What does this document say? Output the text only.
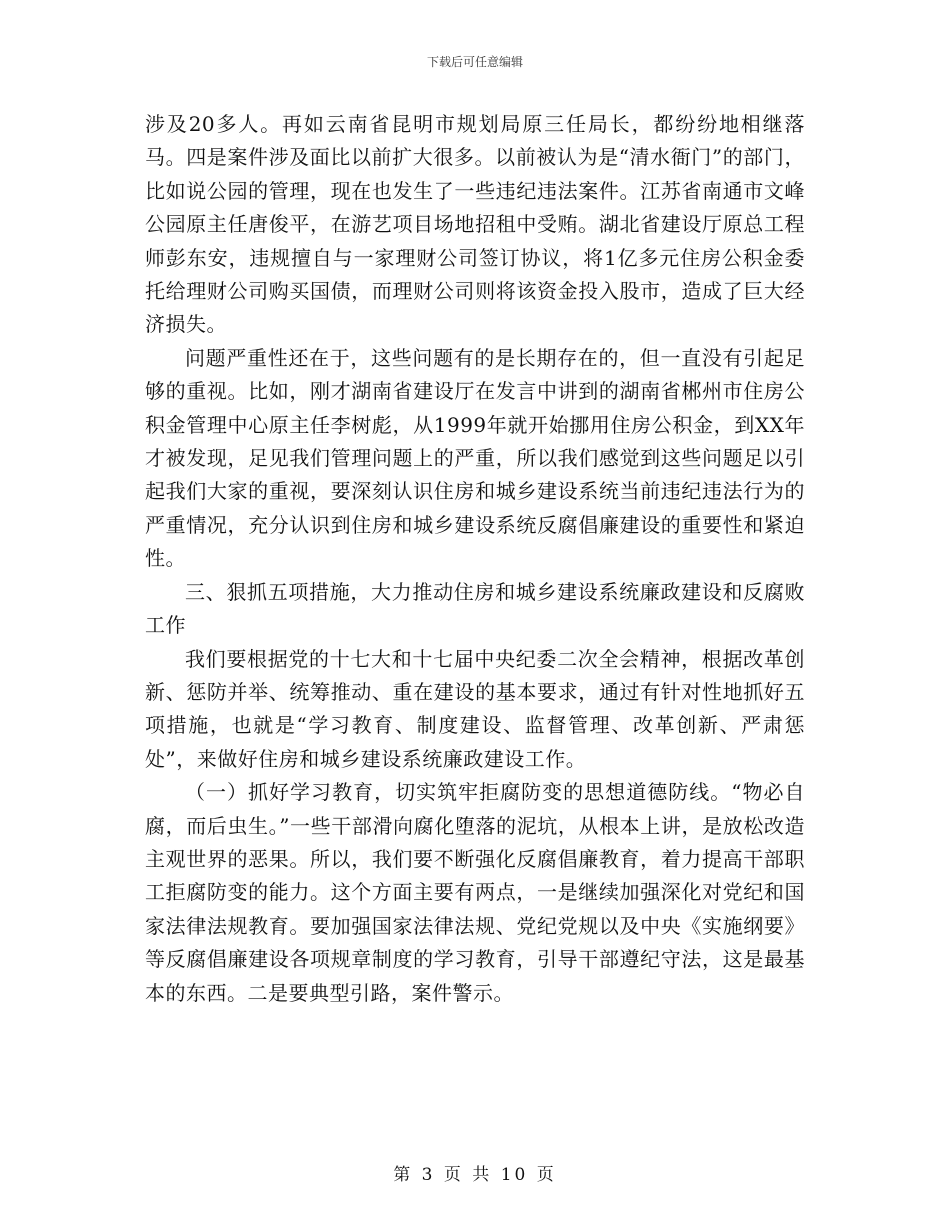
下载后可任意编辑

涉及20多人。再如云南省昆明市规划局原三任局长，都纷纷地相继落马。四是案件涉及面比以前扩大很多。以前被认为是“清水衙门”的部门，比如说公园的管理，现在也发生了一些违纪违法案件。江苏省南通市文峰公园原主任唐俊平，在游艺项目场地招租中受贿。湖北省建设厅原总工程师彭东安，违规擅自与一家理财公司签订协议，将1亿多元住房公积金委托给理财公司购买国债，而理财公司则将该资金投入股市，造成了巨大经济损失。

问题严重性还在于，这些问题有的是长期存在的，但一直没有引起足够的重视。比如，刚才湖南省建设厅在发言中讲到的湖南省郴州市住房公积金管理中心原主任李树彪，从1999年就开始挪用住房公积金，到XX年才被发现，足见我们管理问题上的严重，所以我们感觉到这些问题足以引起我们大家的重视，要深刻认识住房和城乡建设系统当前违纪违法行为的严重情况，充分认识到住房和城乡建设系统反腐倡廉建设的重要性和紧迫性。

三、狠抓五项措施，大力推动住房和城乡建设系统廉政建设和反腐败工作

我们要根据党的十七大和十七届中央纪委二次全会精神，根据改革创新、惩防并举、统筹推动、重在建设的基本要求，通过有针对性地抓好五项措施，也就是“学习教育、制度建设、监督管理、改革创新、严肃惩处”，来做好住房和城乡建设系统廉政建设工作。

（一）抓好学习教育，切实筑牢拒腐防变的思想道德防线。“物必自腐，而后虫生。”一些干部滑向腐化堕落的泥坑，从根本上讲，是放松改造主观世界的恶果。所以，我们要不断强化反腐倡廉教育，着力提高干部职工拒腐防变的能力。这个方面主要有两点，一是继续加强深化对党纪和国家法律法规教育。要加强国家法律法规、党纪党规以及中央《实施纲要》等反腐倡廉建设各项规章制度的学习教育，引导干部遵纪守法，这是最基本的东西。二是要典型引路，案件警示。

第 3 页 共 10 页
